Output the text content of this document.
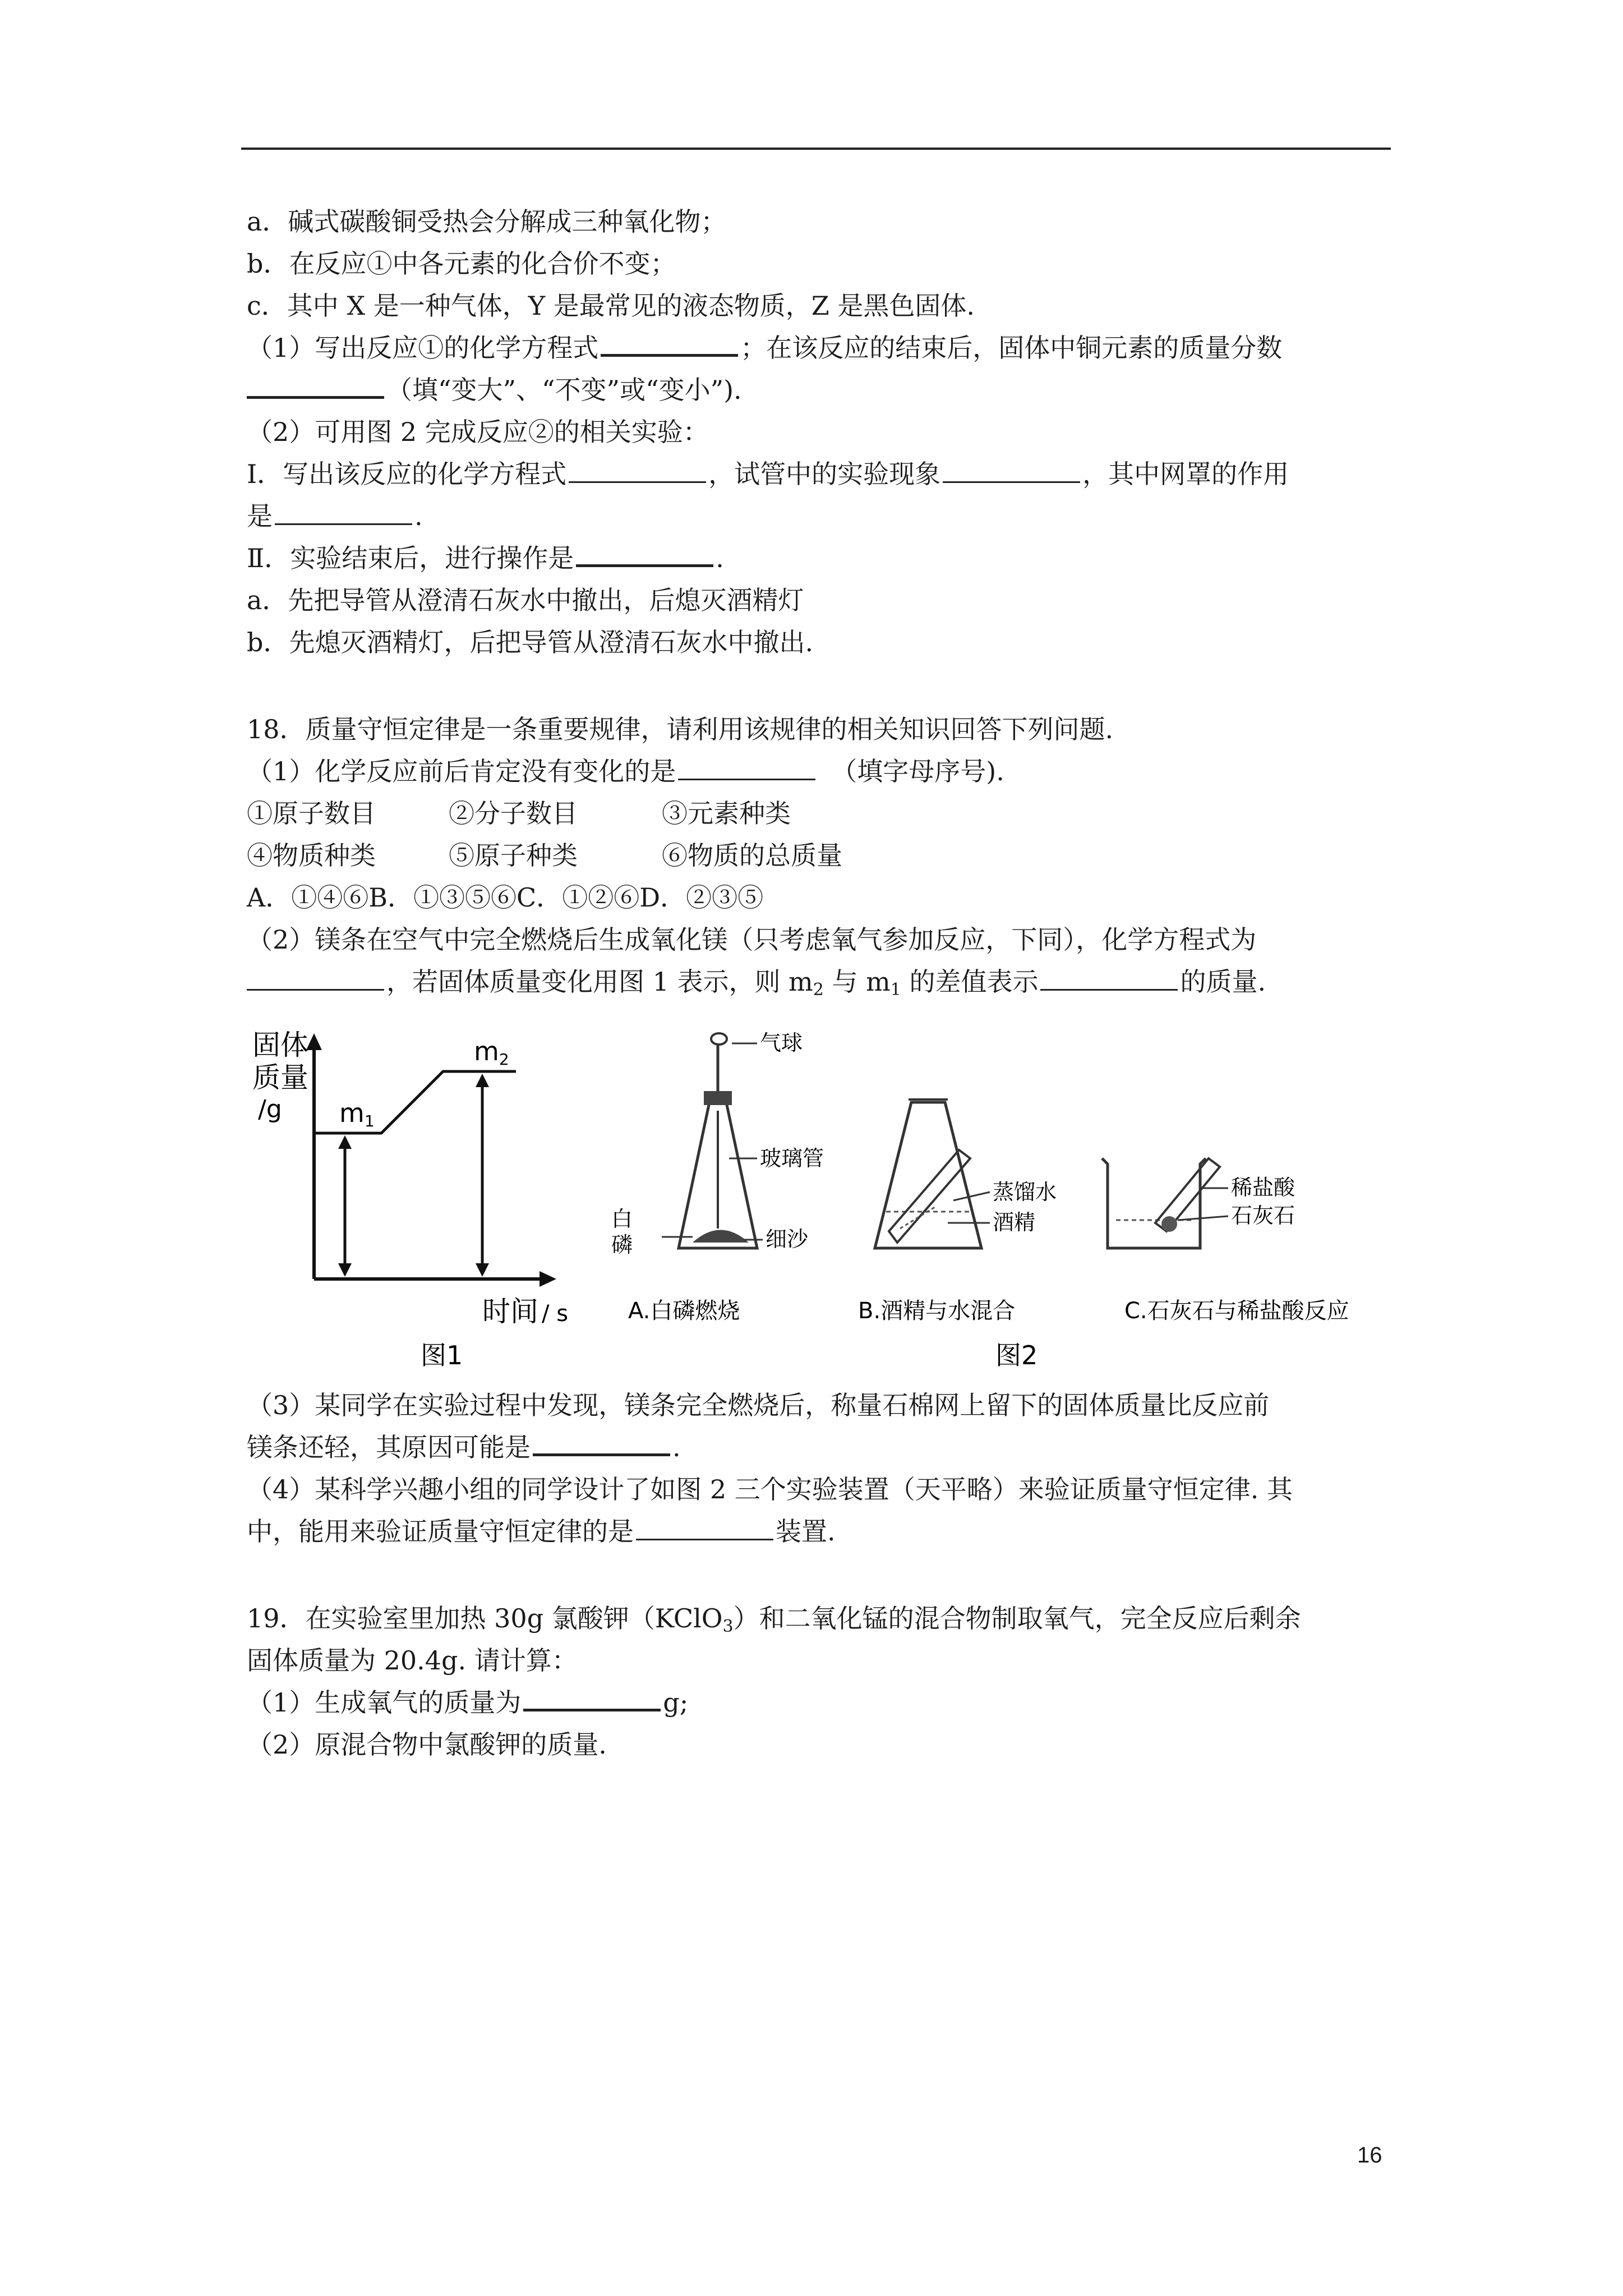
a．碱式碳酸铜受热会分解成三种氧化物；
b．在反应①中各元素的化合价不变；
c．其中 X 是一种气体，Y 是最常见的液态物质，Z 是黑色固体.
（1）写出反应①的化学方程式	；在该反应的结束后，固体中铜元素的质量分数
（填“变大”、“不变”或“变小”).
（2）可用图 2 完成反应②的相关实验：
Ⅰ．写出该反应的化学方程式	，试管中的实验现象	，其中网罩的作用
是	.
Ⅱ．实验结束后，进行操作是	.
a．先把导管从澄清石灰水中撤出，后熄灭酒精灯
b．先熄灭酒精灯，后把导管从澄清石灰水中撤出.
18．质量守恒定律是一条重要规律，请利用该规律的相关知识回答下列问题.
（1）化学反应前后肯定没有变化的是	（填字母序号).
①原子数目	②分子数目	③元素种类
④物质种类	⑤原子种类	⑥物质的总质量
A．①④⑥B．①③⑤⑥C．①②⑥D．②③⑤
（2）镁条在空气中完全燃烧后生成氧化镁（只考虑氧气参加反应，下同），化学方程式为
，若固体质量变化用图 1 表示，则 $m_2$ 与 $m_1$ 的差值表示	的质量.
固体
质量
/g m1
m2
时间 / s
图1
气球
玻璃管
细沙
白
磷
A.白磷燃烧
蒸馏水
酒精
B.酒精与水混合
稀盐酸
石灰石
C.石灰石与稀盐酸反应
图2
（3）某同学在实验过程中发现，镁条完全燃烧后，称量石棉网上留下的固体质量比反应前
镁条还轻，其原因可能是	.
（4）某科学兴趣小组的同学设计了如图 2 三个实验装置（天平略）来验证质量守恒定律. 其
中，能用来验证质量守恒定律的是	装置.
19．在实验室里加热 30g 氯酸钾（KClO$_3$）和二氧化锰的混合物制取氧气，完全反应后剩余
固体质量为 20.4g. 请计算：
（1）生成氧气的质量为	g;
（2）原混合物中氯酸钾的质量.
16
